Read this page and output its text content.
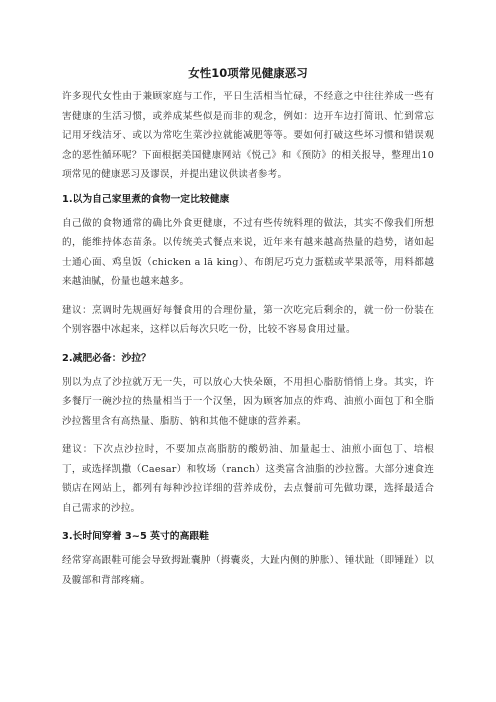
女性10项常见健康恶习

许多现代女性由于兼顾家庭与工作，平日生活相当忙碌，不经意之中往往养成一些有害健康的生活习惯，或养成某些似是而非的观念，例如：边开车边打简讯、忙到常忘记用牙线洁牙、或以为常吃生菜沙拉就能减肥等等。要如何打破这些坏习惯和错误观念的恶性循环呢？下面根据美国健康网站《悦己》和《预防》的相关报导，整理出10项常见的健康恶习及谬误，并提出建议供读者参考。

1.以为自己家里煮的食物一定比较健康

自己做的食物通常的确比外食更健康，不过有些传统料理的做法，其实不像我们所想的，能维持体态苗条。以传统美式餐点来说，近年来有越来越高热量的趋势，诸如起士通心面、鸡皇饭（chicken a lā king）、布朗尼巧克力蛋糕或苹果派等，用料都越来越油腻，份量也越来越多。

建议：烹调时先规画好每餐食用的合理份量，第一次吃完后剩余的，就一份一份装在个别容器中冰起来，这样以后每次只吃一份，比较不容易食用过量。

2.减肥必备：沙拉？

別以为点了沙拉就万无一失，可以放心大快朵颐，不用担心脂肪悄悄上身。其实，许多餐厅一碗沙拉的热量相当于一个汉堡，因为顾客加点的炸鸡、油煎小面包丁和全脂沙拉酱里含有高热量、脂肪、钠和其他不健康的营养素。

建议：下次点沙拉时，不要加点高脂肪的酸奶油、加量起士、油煎小面包丁、培根丁，或选择凯撒（Caesar）和牧场（ranch）这类富含油脂的沙拉酱。大部分速食连锁店在网站上，都列有每种沙拉详细的营养成份，去点餐前可先做功课，选择最适合自己需求的沙拉。

3.长时间穿着 3~5 英寸的高跟鞋

经常穿高跟鞋可能会导致拇趾囊肿（拇囊炎，大趾内侧的肿胀）、锤状趾（即锤趾）以及髋部和背部疼痛。
